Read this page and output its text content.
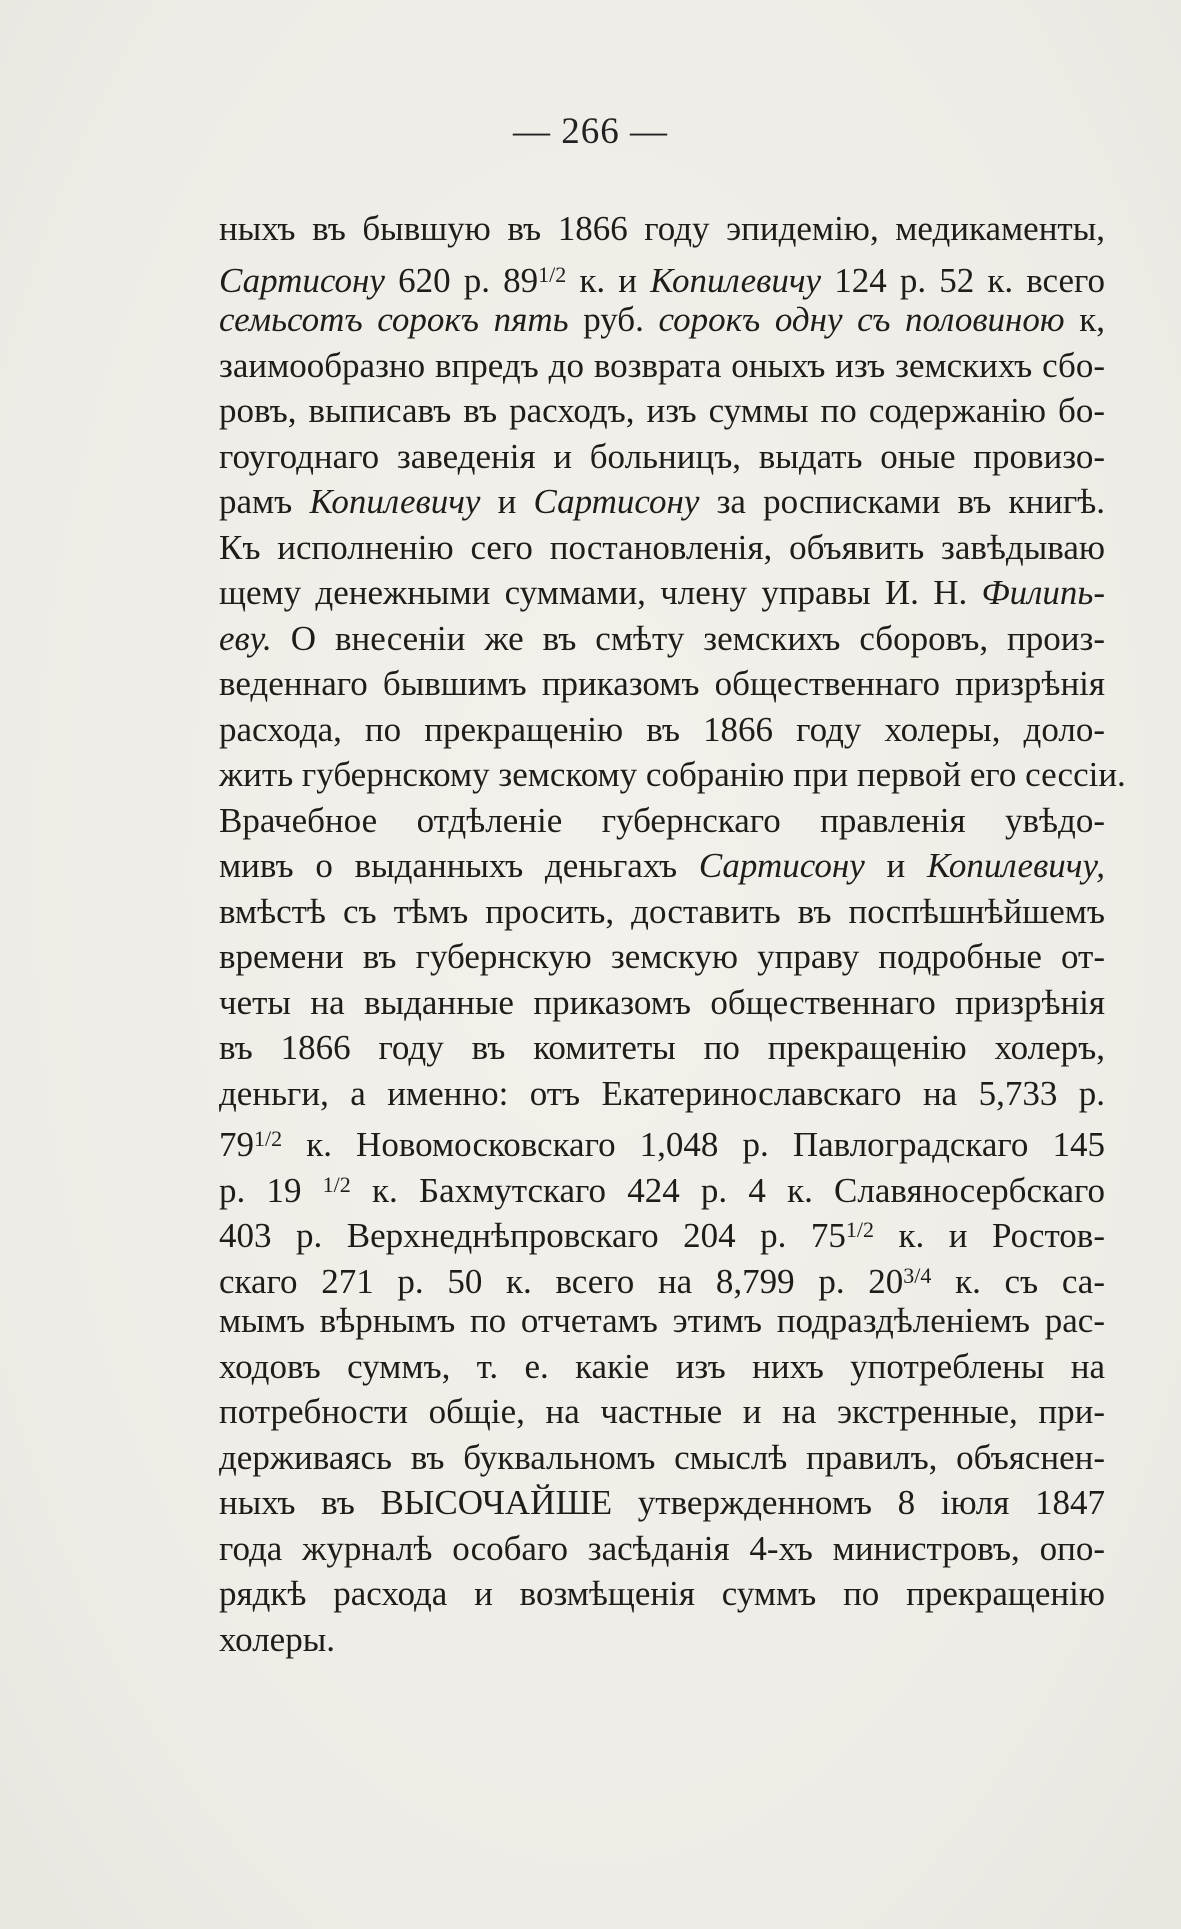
— 266 —
ныхъ въ бывшую въ 1866 году эпидемію, медикаменты,
Сартисону 620 р. $89^{1/2}$ к. и Копилевичу 124 р. 52 к. всего
семьсотъ сорокъ пять руб. сорокъ одну съ половиною к,
заимообразно впредъ до возврата оныхъ изъ земскихъ сбо-
ровъ, выписавъ въ расходъ, изъ суммы по содержанію бо-
гоугоднаго заведенія и больницъ, выдать оные провизо-
рамъ Копилевичу и Сартисону за росписками въ книгѣ.
Къ исполненію сего постановленія, объявить завѣдываю
щему денежными суммами, члену управы И. Н. Филипь-
еву. О внесеніи же въ смѣту земскихъ сборовъ, произ-
веденнаго бывшимъ приказомъ общественнаго призрѣнія
расхода, по прекращенію въ 1866 году холеры, доло-
жить губернскому земскому собранію при первой его сессіи.
Врачебное отдѣленіе губернскаго правленія увѣдо-
мивъ о выданныхъ деньгахъ Сартисону и Копилевичу,
вмѣстѣ съ тѣмъ просить, доставить въ поспѣшнѣйшемъ
времени въ губернскую земскую управу подробные от-
четы на выданные приказомъ общественнаго призрѣнія
въ 1866 году въ комитеты по прекращенію холеръ,
деньги, а именно: отъ Екатеринославскаго на 5,733 р.
$79^{1/2}$ к. Новомосковскаго 1,048 р. Павлоградскаго 145
р. 19 $^{1/2}$ к. Бахмутскаго 424 р. 4 к. Славяносербскаго
403 р. Верхнеднѣпровскаго 204 р. $75^{1/2}$ к. и Ростов-
скаго 271 р. 50 к. всего на 8,799 р. $20^{3/4}$ к. съ са-
мымъ вѣрнымъ по отчетамъ этимъ подраздѣленіемъ рас-
ходовъ суммъ, т. е. какіе изъ нихъ употреблены на
потребности общіе, на частные и на экстренные, при-
держиваясь въ буквальномъ смыслѣ правилъ, объяснен-
ныхъ въ ВЫСОЧАЙШЕ утвержденномъ 8 іюля 1847
года журналѣ особаго засѣданія 4-хъ министровъ, опо-
рядкѣ расхода и возмѣщенія суммъ по прекращенію
холеры.
